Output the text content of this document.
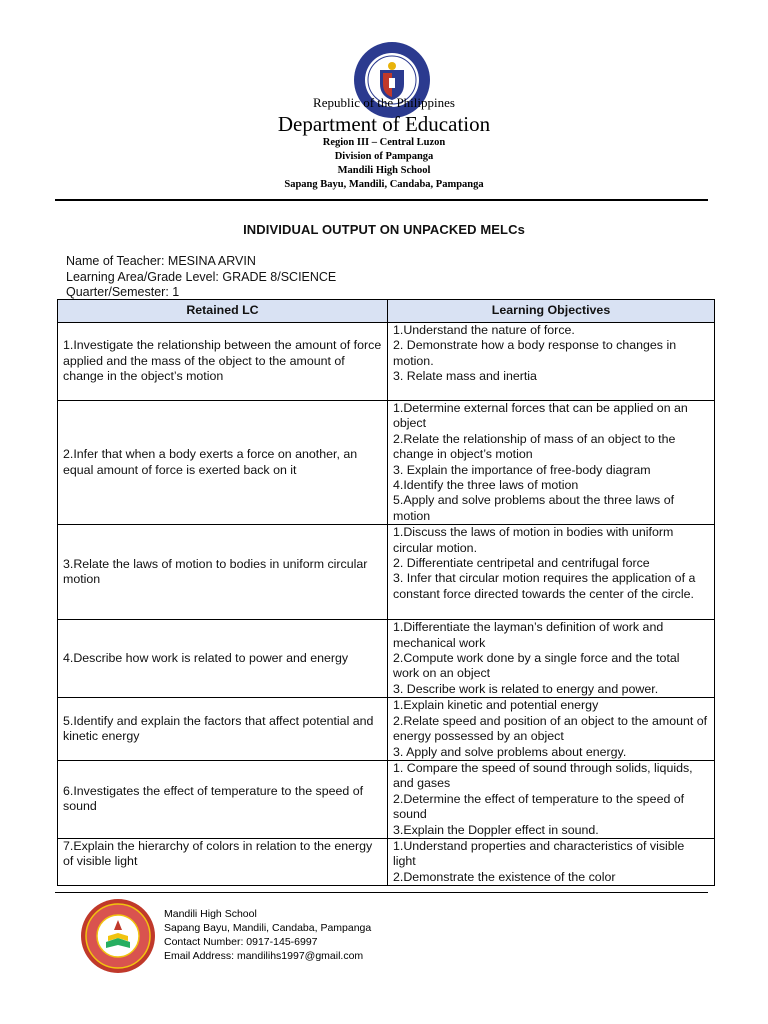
Republic of the Philippines
Department of Education
Region III – Central Luzon
Division of Pampanga
Mandili High School
Sapang Bayu, Mandili, Candaba, Pampanga
INDIVIDUAL OUTPUT ON UNPACKED MELCs
Name of Teacher: MESINA ARVIN
Learning Area/Grade Level: GRADE 8/SCIENCE
Quarter/Semester: 1
Retained LC	Learning Objectives
1.Investigate the relationship between the amount of force applied and the mass of the object to the amount of change in the object’s motion	1.Understand the nature of force.
2. Demonstrate how a body response to changes in motion.
3. Relate mass and inertia

2.Infer that when a body exerts a force on another, an equal amount of force is exerted back on it	1.Determine external forces that can be applied on an object
2.Relate the relationship of mass of an object to the change in object’s motion
3. Explain the importance of free-body diagram
4.Identify the three laws of motion
5.Apply and solve problems about the three laws of motion

3.Relate the laws of motion to bodies in uniform circular motion	1.Discuss the laws of motion in bodies with uniform circular motion.
2. Differentiate centripetal and centrifugal force
3. Infer that circular motion requires the application of a constant force directed towards the center of the circle.

4.Describe how work is related to power and energy	1.Differentiate the layman’s definition of work and mechanical work
2.Compute work done by a single force and the total work on an object
3. Describe work is related to energy and power.

5.Identify and explain the factors that affect potential and kinetic energy	1.Explain kinetic and potential energy
2.Relate speed and position of an object to the amount of energy possessed by an object
3. Apply and solve problems about energy.

6.Investigates the effect of temperature to the speed of sound	1. Compare the speed of sound through solids, liquids, and gases
2.Determine the effect of temperature to the speed of sound
3.Explain the Doppler effect in sound.

7.Explain the hierarchy of colors in relation to the energy of visible light	1.Understand properties and characteristics of visible light
2.Demonstrate the existence of the color
Mandili High School
Sapang Bayu, Mandili, Candaba, Pampanga
Contact Number: 0917-145-6997
Email Address: mandilihs1997@gmail.com
